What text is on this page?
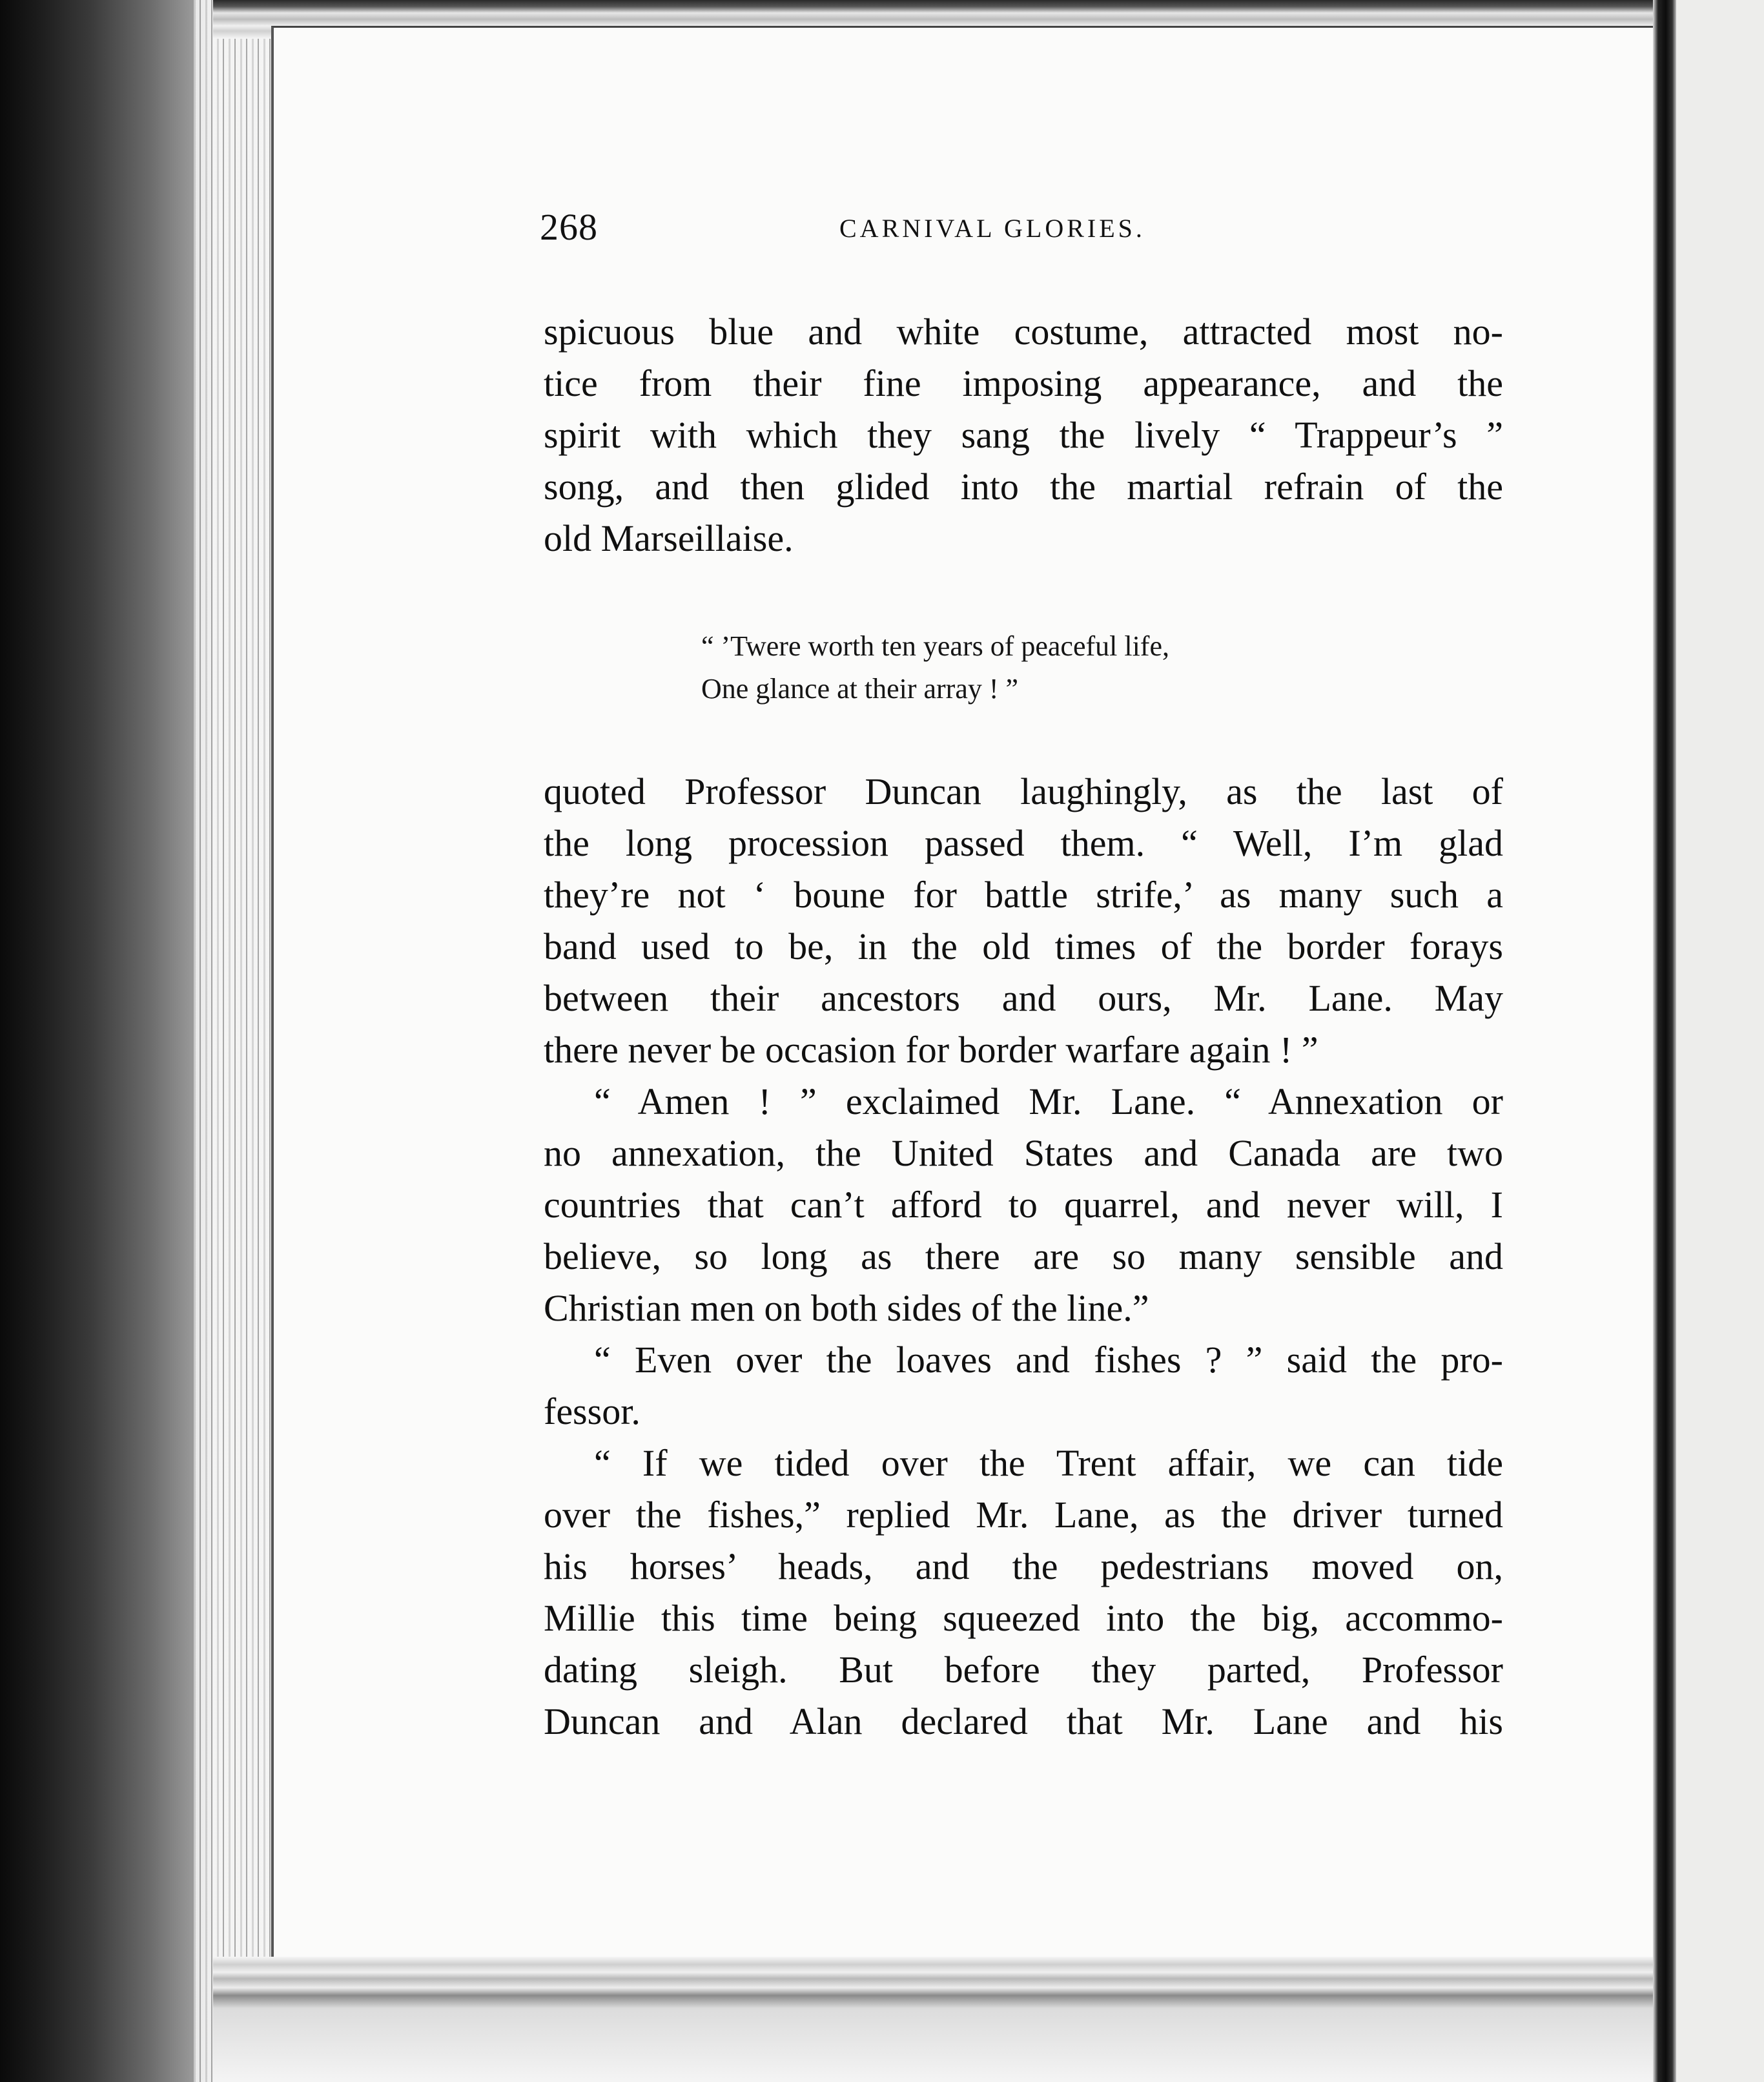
268	CARNIVAL GLORIES.
spicuous blue and white costume, attracted most no-
tice from their fine imposing appearance, and the
spirit with which they sang the lively “ Trappeur’s ”
song, and then glided into the martial refrain of the
old Marseillaise.
“ ’Twere worth ten years of peaceful life,
One glance at their array ! ”
quoted Professor Duncan laughingly, as the last of
the long procession passed them. “ Well, I’m glad
they’re not ‘ boune for battle strife,’ as many such a
band used to be, in the old times of the border forays
between their ancestors and ours, Mr. Lane. May
there never be occasion for border warfare again ! ”
“ Amen ! ” exclaimed Mr. Lane. “ Annexation or
no annexation, the United States and Canada are two
countries that can’t afford to quarrel, and never will, I
believe, so long as there are so many sensible and
Christian men on both sides of the line.”
“ Even over the loaves and fishes ? ” said the pro-
fessor.
“ If we tided over the Trent affair, we can tide
over the fishes,” replied Mr. Lane, as the driver turned
his horses’ heads, and the pedestrians moved on,
Millie this time being squeezed into the big, accommo-
dating sleigh. But before they parted, Professor
Duncan and Alan declared that Mr. Lane and his
